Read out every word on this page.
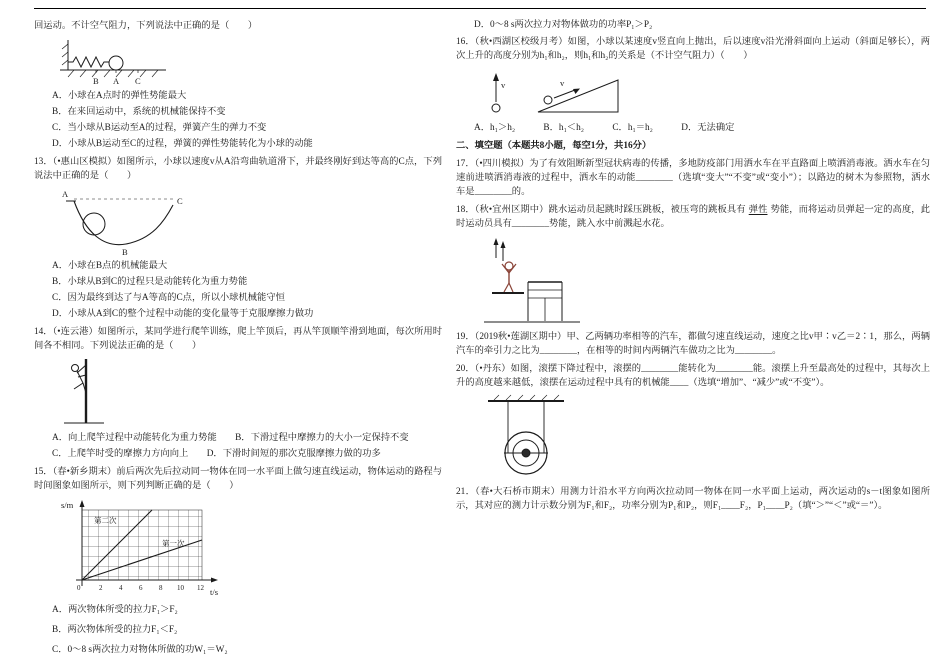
回运动。不计空气阻力，下列说法中正确的是（　　）

B A C

A．小球在A点时的弹性势能最大

B．在来回运动中，系统的机械能保持不变

C．当小球从B运动至A的过程，弹簧产生的弹力不变

D．小球从B运动至C的过程，弹簧的弹性势能转化为小球的动能

13．（•惠山区模拟）如图所示，小球以速度v从A沿弯曲轨道滑下，并最终刚好到达等高的C点，下列说法中正确的是（　　）

A
B
C

A．小球在B点的机械能最大

B．小球从B到C的过程只是动能转化为重力势能

C．因为最终到达了与A等高的C点，所以小球机械能守恒

D．小球从A到C的整个过程中动能的变化量等于克服摩擦力做功

14．（•连云港）如图所示，某同学进行爬竿训练，爬上竿顶后，再从竿顶顺竿滑到地面，每次所用时间各不相同。下列说法正确的是（　　）

A．向上爬竿过程中动能转化为重力势能 B．下滑过程中摩擦力的大小一定保持不变

C．上爬竿时受的摩擦力方向向上 D．下滑时间短的那次克服摩擦力做的功多

15．（春•新乡期末）前后两次先后拉动同一物体在同一水平面上做匀速直线运动，物体运动的路程与时间图象如图所示，则下列判断正确的是（　　）

第二次
第一次
s/m
t/s
0	2 4 6 8 10 12

A．两次物体所受的拉力F₁＞F₂

B．两次物体所受的拉力F₁＜F₂

C．0～8 s两次拉力对物体所做的功W₁＝W₂

D．0～8 s两次拉力对物体做功的功率P₁＞P₂

16．（秋•西湖区校级月考）如图，小球以某速度v竖直向上抛出，后以速度v沿光滑斜面向上运动（斜面足够长），两次上升的高度分别为h₁和h₂，则h₁和h₂的关系是（不计空气阻力）（　　）

v	v

A．h₁＞h₂	B．h₁＜h₂	C．h₁＝h₂	D．无法确定

二、填空题（本题共8小题，每空1分，共16分）

17．（•四川模拟）为了有效阻断新型冠状病毒的传播，多地防疫部门用洒水车在平直路面上喷洒消毒液。洒水车在匀速前进喷洒消毒液的过程中，洒水车的动能________（选填“变大”“不变”或“变小”）；以路边的树木为参照物，洒水车是________的。

18．（秋•宜州区期中）跳水运动员起跳时踩压跳板，被压弯的跳板具有 弹性 势能，而将运动员弹起一定的高度，此时运动员具有________势能，跳入水中前溅起水花。

19．（2019秋•莲湖区期中）甲、乙两辆功率相等的汽车，都做匀速直线运动，速度之比v甲∶v乙＝2∶1，那么，两辆汽车的牵引力之比为________，在相等的时间内两辆汽车做功之比为________。

20．（•丹东）如图，滚摆下降过程中，滚摆的________能转化为________能。滚摆上升至最高处的过程中，其每次上升的高度越来越低，滚摆在运动过程中具有的机械能____（选填“增加”、“减少”或“不变”）。

21．（春•大石桥市期末）用测力计沿水平方向两次拉动同一物体在同一水平面上运动，两次运动的s－t图象如图所示，其对应的测力计示数分别为F₁和F₂，功率分别为P₁和P₂，则F₁____F₂，P₁____P₂（填“＞”“＜”或“＝”）。
